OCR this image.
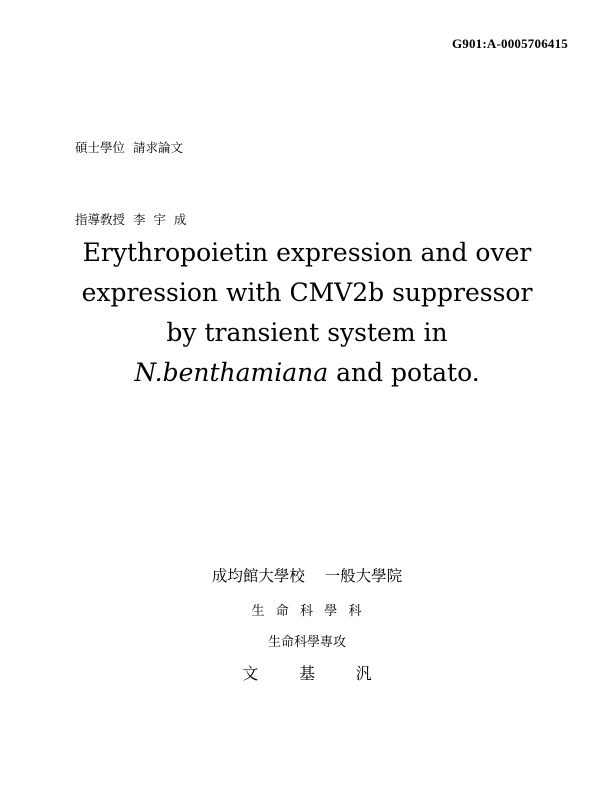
G901:A-0005706415

碩士學位  請求論文

指導敎授  李  宇  成

Erythropoietin expression and over
expression with CMV2b suppressor
by transient system in
N.benthamiana and potato.
成均館大學校    一般大學院
生  命  科  學  科
生命科學專攻
文        基        汎
